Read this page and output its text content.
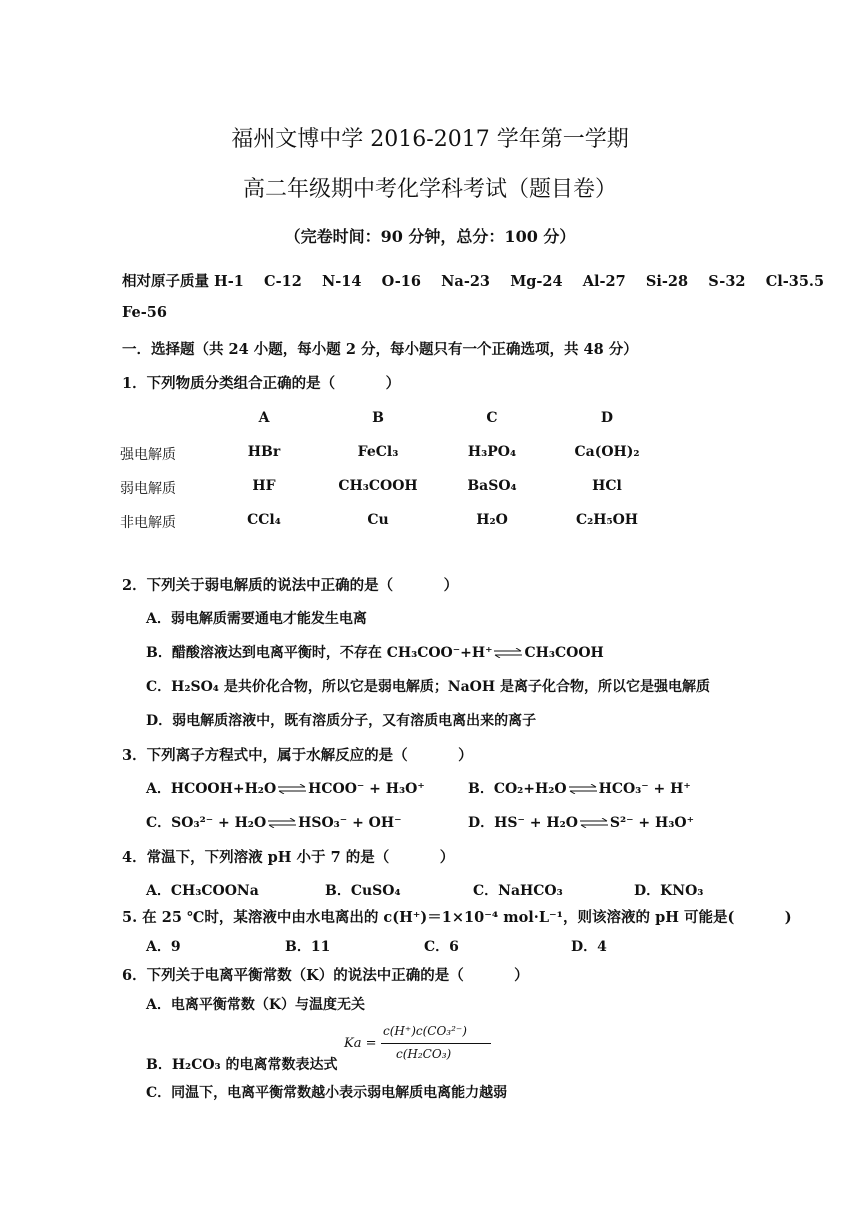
福州文博中学 2016-2017 学年第一学期
高二年级期中考化学科考试（题目卷）
（完卷时间：90 分钟，总分：100 分）
相对原子质量 H-1    C-12    N-14    O-16    Na-23    Mg-24    Al-27    Si-28    S-32    Cl-35.5
Fe-56
一．选择题（共 24 小题，每小题 2 分，每小题只有一个正确选项，共 48 分）
1．下列物质分类组合正确的是（          ）
A	B	C	D
强电解质	HBr	FeCl₃	H₃PO₄	Ca(OH)₂
弱电解质	HF	CH₃COOH	BaSO₄	HCl
非电解质	CCl₄	Cu	H₂O	C₂H₅OH
2．下列关于弱电解质的说法中正确的是（          ）
A．弱电解质需要通电才能发生电离
B．醋酸溶液达到电离平衡时，不存在 CH₃COO⁻+H⁺⇌CH₃COOH
C．H₂SO₄ 是共价化合物，所以它是弱电解质；NaOH 是离子化合物，所以它是强电解质
D．弱电解质溶液中，既有溶质分子，又有溶质电离出来的离子
3．下列离子方程式中，属于水解反应的是（          ）
A．HCOOH+H₂O⇌HCOO⁻ + H₃O⁺	B．CO₂+H₂O⇌HCO₃⁻ + H⁺
C．SO₃²⁻ + H₂O⇌HSO₃⁻ + OH⁻	D．HS⁻ + H₂O⇌S²⁻ + H₃O⁺
4．常温下，下列溶液 pH 小于 7 的是（          ）
A．CH₃COONa	B．CuSO₄	C．NaHCO₃	D．KNO₃
5. 在 25 ℃时，某溶液中由水电离出的 c(H⁺)＝1×10⁻⁴ mol·L⁻¹，则该溶液的 pH 可能是(          )
A．9	B．11	C．6	D．4
6．下列关于电离平衡常数（K）的说法中正确的是（          ）
A．电离平衡常数（K）与温度无关
B．H₂CO₃ 的电离常数表达式
Ka =
c(H⁺)c(CO₃²⁻)
c(H₂CO₃)
C．同温下，电离平衡常数越小表示弱电解质电离能力越弱
